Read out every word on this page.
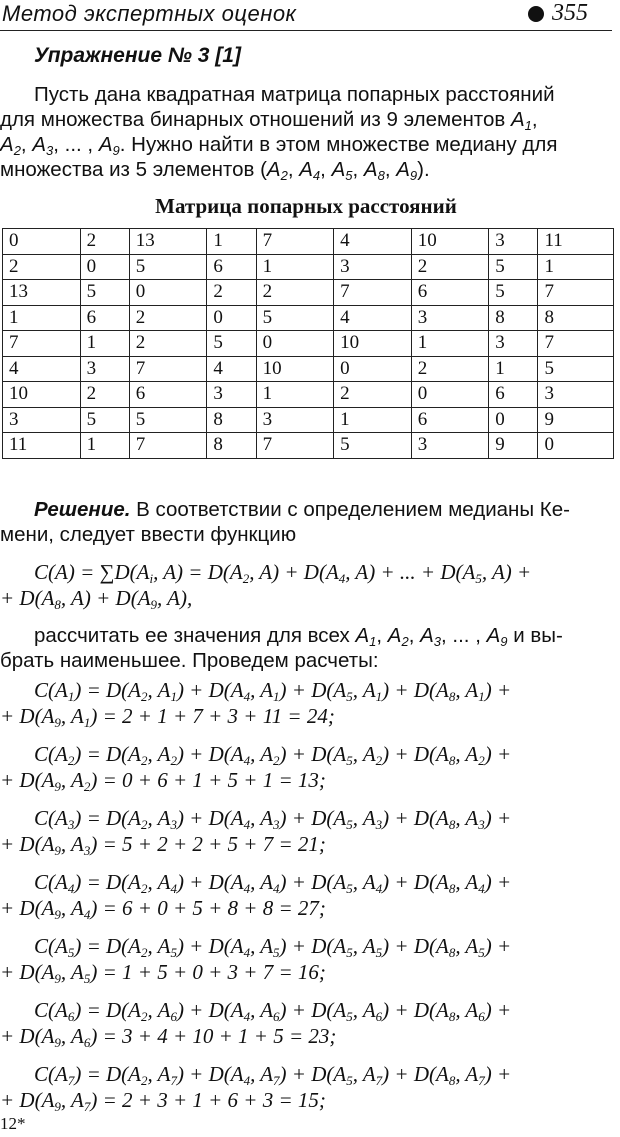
Метод экспертных оценок	355
Упражнение № 3 [1]
Пусть дана квадратная матрица попарных расстояний
для множества бинарных отношений из 9 элементов $A_1$,
$A_2$, $A_3$, ... , $A_9$. Нужно найти в этом множестве медиану для
множества из 5 элементов ($A_2$, $A_4$, $A_5$, $A_8$, $A_9$).
Матрица попарных расстояний
0	2	13	1	7	4	10	3	11
2	0	5	6	1	3	2	5	1
13	5	0	2	2	7	6	5	7
1	6	2	0	5	4	3	8	8
7	1	2	5	0	10	1	3	7
4	3	7	4	10	0	2	1	5
10	2	6	3	1	2	0	6	3
3	5	5	8	3	1	6	0	9
11	1	7	8	7	5	3	9	0
Решение. В соответствии с определением медианы Ке-
мени, следует ввести функцию
$C(A) = \sum D(A_i$, $A) = D(A_2$, $A) + D(A_4$, A) + ... + $D(A_5$, A) +
+ $D(A_8$, $A) + D(A_9$, A),
рассчитать ее значения для всех $A_1$, $A_2$, $A_3$, ... , $A_9$ и вы-
брать наименьшее. Проведем расчеты:
$C(A_1) = D(A_2$, $A_1) + D(A_4$, $A_1) + D(A_5$, $A_1) + D(A_8$, $A_1$) +
+ $D(A_9$, $A_1) = 2 + 1 + 7 + 3 + 11 = 24$;
$C(A_2) = D(A_2$, $A_2) + D(A_4$, $A_2) + D(A_5$, $A_2) + D(A_8$, $A_2$) +
+ $D(A_9$, $A_2) = 0 + 6 + 1 + 5 + 1 = 13$;
$C(A_3) = D(A_2$, $A_3) + D(A_4$, $A_3) + D(A_5$, $A_3) + D(A_8$, $A_3$) +
+ $D(A_9$, $A_3) = 5 + 2 + 2 + 5 + 7 = 21$;
$C(A_4) = D(A_2$, $A_4) + D(A_4$, $A_4) + D(A_5$, $A_4) + D(A_8$, $A_4$) +
+ $D(A_9$, $A_4) = 6 + 0 + 5 + 8 + 8 = 27$;
$C(A_5) = D(A_2$, $A_5) + D(A_4$, $A_5) + D(A_5$, $A_5) + D(A_8$, $A_5$) +
+ $D(A_9$, $A_5) = 1 + 5 + 0 + 3 + 7 = 16$;
$C(A_6) = D(A_2$, $A_6) + D(A_4$, $A_6) + D(A_5$, $A_6) + D(A_8$, $A_6$) +
+ $D(A_9$, $A_6) = 3 + 4 + 10 + 1 + 5 = 23$;
$C(A_7) = D(A_2$, $A_7) + D(A_4$, $A_7) + D(A_5$, $A_7) + D(A_8$, $A_7$) +
+ $D(A_9$, $A_7) = 2 + 3 + 1 + 6 + 3 = 15$;
12*
